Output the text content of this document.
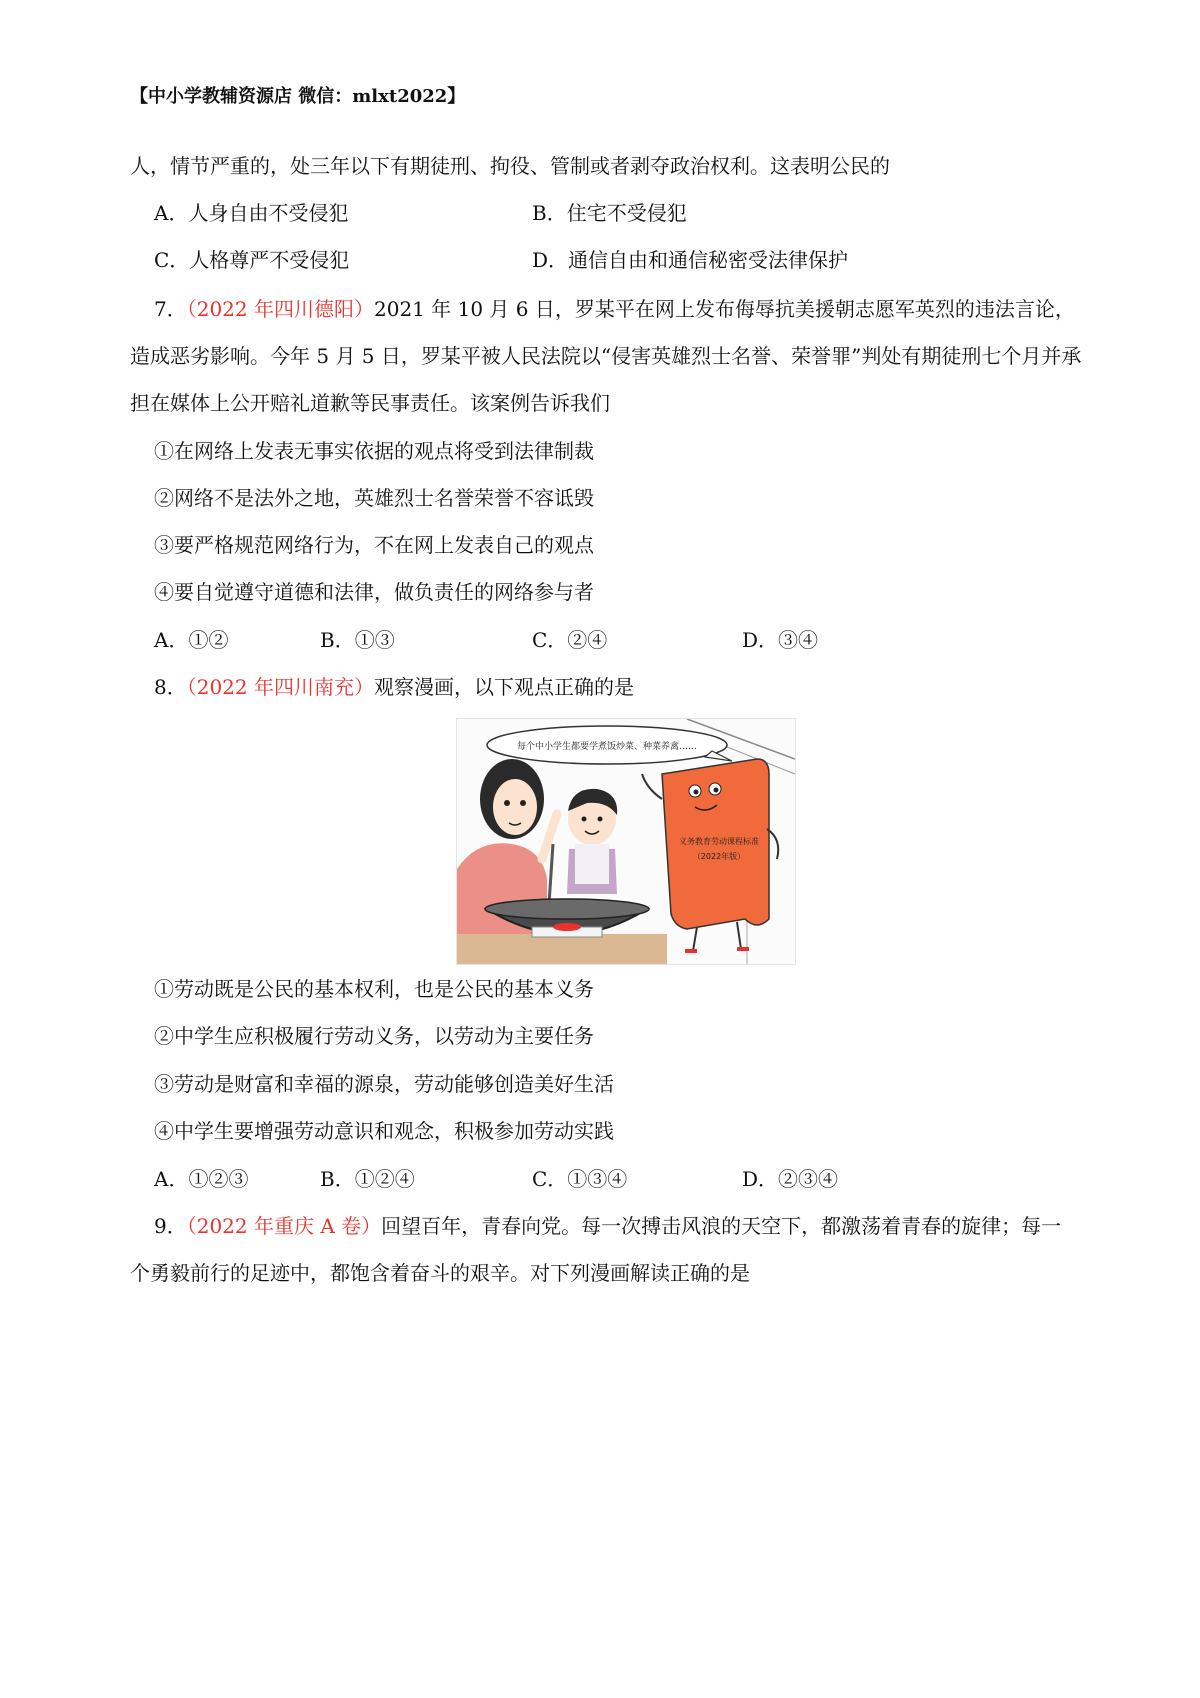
【中小学教辅资源店 微信：mlxt2022】
人，情节严重的，处三年以下有期徒刑、拘役、管制或者剥夺政治权利。这表明公民的
A．人身自由不受侵犯	B．住宅不受侵犯
C．人格尊严不受侵犯	D．通信自由和通信秘密受法律保护
7．（2022 年四川德阳）2021 年 10 月 6 日，罗某平在网上发布侮辱抗美援朝志愿军英烈的违法言论，
造成恶劣影响。今年 5 月 5 日，罗某平被人民法院以“侵害英雄烈士名誉、荣誉罪”判处有期徒刑七个月并承
担在媒体上公开赔礼道歉等民事责任。该案例告诉我们
①在网络上发表无事实依据的观点将受到法律制裁
②网络不是法外之地，英雄烈士名誉荣誉不容诋毁
③要严格规范网络行为，不在网上发表自己的观点
④要自觉遵守道德和法律，做负责任的网络参与者
A．①②	B．①③	C．②④	D．③④
8．（2022 年四川南充）观察漫画，以下观点正确的是
每个中小学生都要学煮饭炒菜、种菜养禽……
义务教育劳动课程标准
（2022年版）
①劳动既是公民的基本权利，也是公民的基本义务
②中学生应积极履行劳动义务，以劳动为主要任务
③劳动是财富和幸福的源泉，劳动能够创造美好生活
④中学生要增强劳动意识和观念，积极参加劳动实践
A．①②③	B．①②④	C．①③④	D．②③④
9．（2022 年重庆 A 卷）回望百年，青春向党。每一次搏击风浪的天空下，都激荡着青春的旋律；每一
个勇毅前行的足迹中，都饱含着奋斗的艰辛。对下列漫画解读正确的是
